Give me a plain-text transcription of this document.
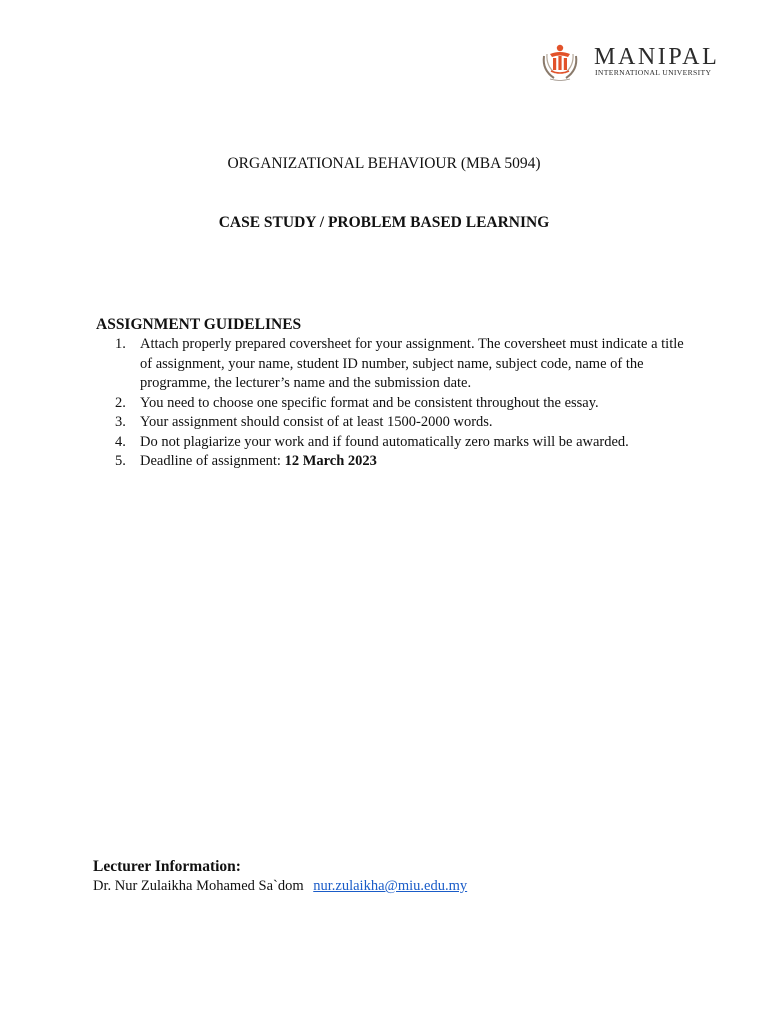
MANIPAL
INTERNATIONAL UNIVERSITY
ORGANIZATIONAL BEHAVIOUR (MBA 5094)
CASE STUDY / PROBLEM BASED LEARNING
ASSIGNMENT GUIDELINES
1. Attach properly prepared coversheet for your assignment. The coversheet must indicate a title of assignment, your name, student ID number, subject name, subject code, name of the programme, the lecturer’s name and the submission date.
2. You need to choose one specific format and be consistent throughout the essay.
3. Your assignment should consist of at least 1500-2000 words.
4. Do not plagiarize your work and if found automatically zero marks will be awarded.
5. Deadline of assignment: 12 March 2023
Lecturer Information:
Dr. Nur Zulaikha Mohamed Sa`dom nur.zulaikha@miu.edu.my
